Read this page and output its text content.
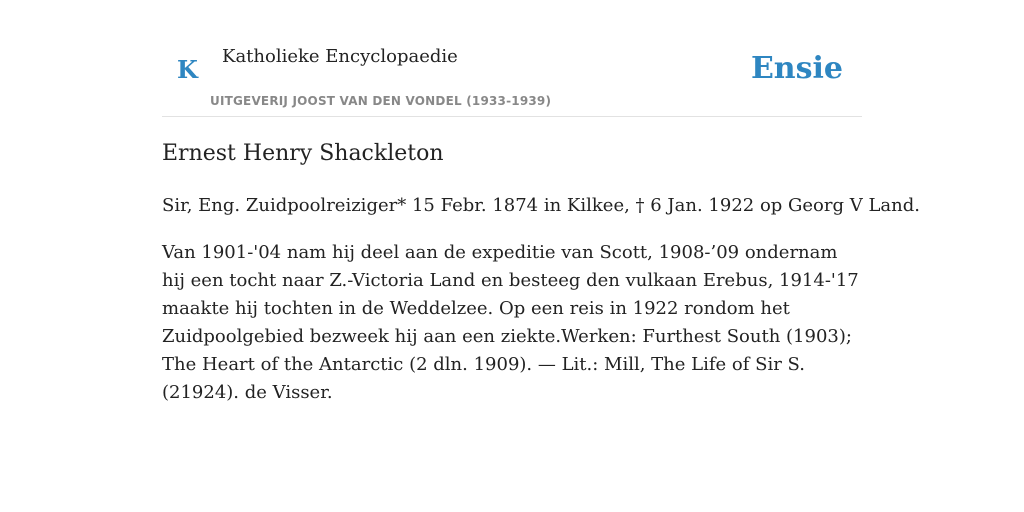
K Katholieke Encyclopaedie
UITGEVERIJ JOOST VAN DEN VONDEL (1933-1939)
Ensie
Ernest Henry Shackleton

Sir, Eng. Zuidpoolreiziger* 15 Febr. 1874 in Kilkee, † 6 Jan. 1922 op Georg V Land.

Van 1901-'04 nam hij deel aan de expeditie van Scott, 1908-’09 ondernam hij een tocht naar Z.-Victoria Land en besteeg den vulkaan Erebus, 1914-'17 maakte hij tochten in de Weddelzee. Op een reis in 1922 rondom het Zuidpoolgebied bezweek hij aan een ziekte.Werken: Furthest South (1903); The Heart of the Antarctic (2 dln. 1909). — Lit.: Mill, The Life of Sir S. (21924). de Visser.
